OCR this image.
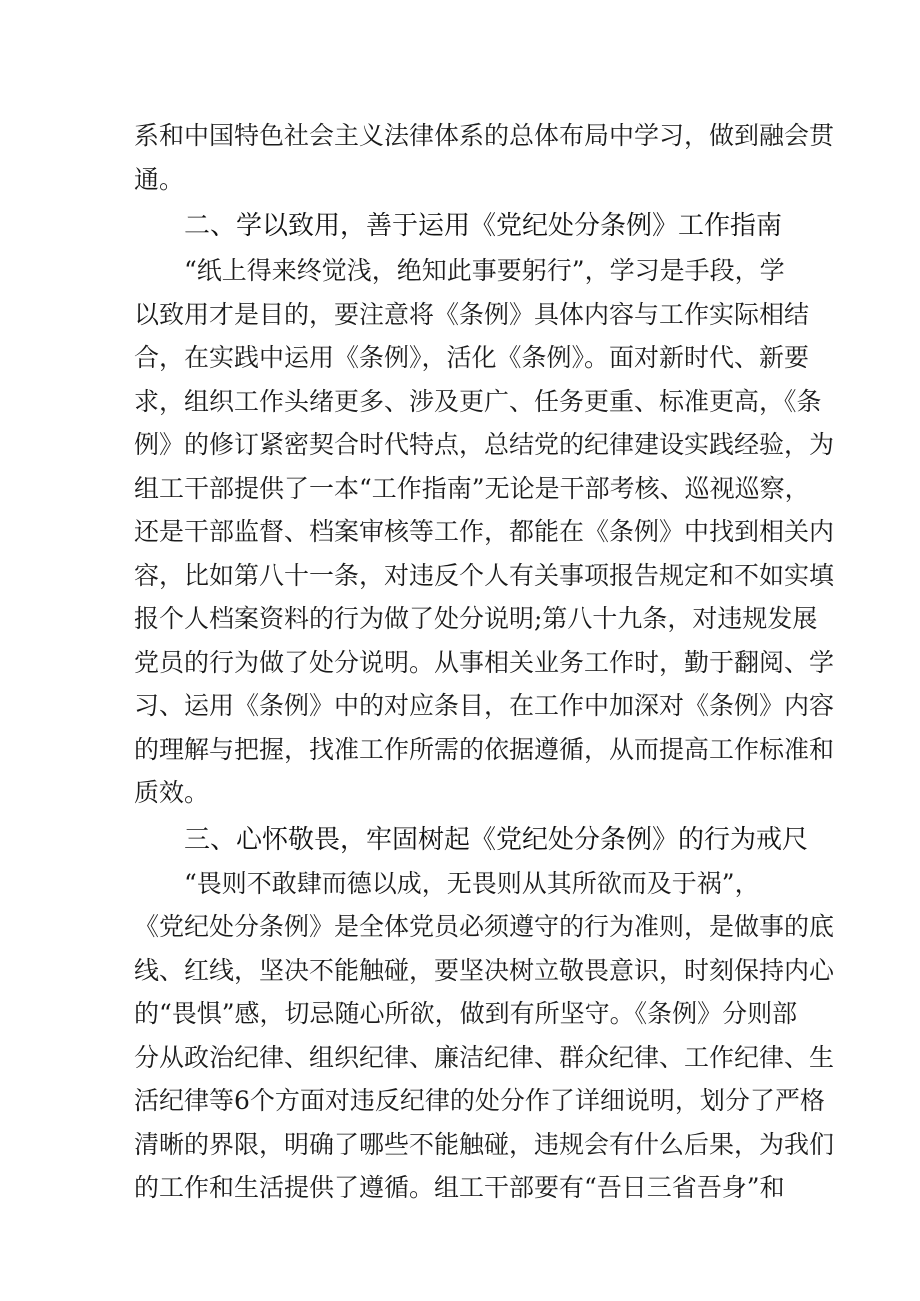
系和中国特色社会主义法律体系的总体布局中学习，做到融会贯
通。
二、学以致用，善于运用《党纪处分条例》工作指南
“纸上得来终觉浅，绝知此事要躬行”，学习是手段，学
以致用才是目的，要注意将《条例》具体内容与工作实际相结
合，在实践中运用《条例》，活化《条例》。面对新时代、新要
求，组织工作头绪更多、涉及更广、任务更重、标准更高，《条
例》的修订紧密契合时代特点，总结党的纪律建设实践经验，为
组工干部提供了一本“工作指南”无论是干部考核、巡视巡察，
还是干部监督、档案审核等工作，都能在《条例》中找到相关内
容，比如第八十一条，对违反个人有关事项报告规定和不如实填
报个人档案资料的行为做了处分说明;第八十九条，对违规发展
党员的行为做了处分说明。从事相关业务工作时，勤于翻阅、学
习、运用《条例》中的对应条目，在工作中加深对《条例》内容
的理解与把握，找准工作所需的依据遵循，从而提高工作标准和
质效。
三、心怀敬畏，牢固树起《党纪处分条例》的行为戒尺
“畏则不敢肆而德以成，无畏则从其所欲而及于祸”，
《党纪处分条例》是全体党员必须遵守的行为准则，是做事的底
线、红线，坚决不能触碰，要坚决树立敬畏意识，时刻保持内心
的“畏惧”感，切忌随心所欲，做到有所坚守。《条例》分则部
分从政治纪律、组织纪律、廉洁纪律、群众纪律、工作纪律、生
活纪律等6个方面对违反纪律的处分作了详细说明，划分了严格
清晰的界限，明确了哪些不能触碰，违规会有什么后果，为我们
的工作和生活提供了遵循。组工干部要有“吾日三省吾身”和
